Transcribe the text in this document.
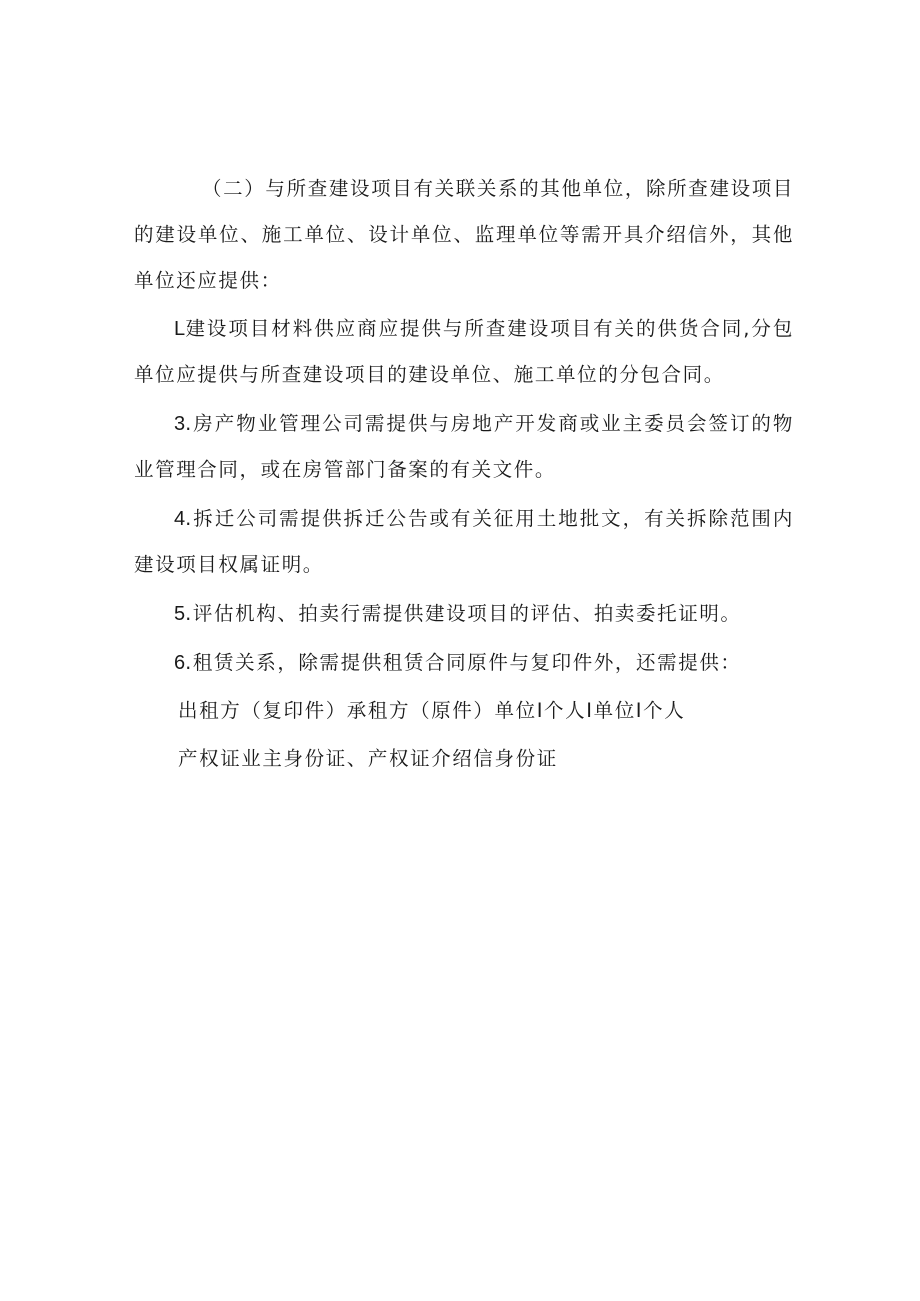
（二）与所查建设项目有关联关系的其他单位，除所查建设项目的建设单位、施工单位、设计单位、监理单位等需开具介绍信外，其他单位还应提供：

L建设项目材料供应商应提供与所查建设项目有关的供货合同,分包单位应提供与所查建设项目的建设单位、施工单位的分包合同。

3.房产物业管理公司需提供与房地产开发商或业主委员会签订的物业管理合同，或在房管部门备案的有关文件。

4.拆迁公司需提供拆迁公告或有关征用土地批文，有关拆除范围内建设项目权属证明。

5.评估机构、拍卖行需提供建设项目的评估、拍卖委托证明。

6.租赁关系，除需提供租赁合同原件与复印件外，还需提供：

出租方（复印件）承租方（原件）单位I个人I单位I个人

产权证业主身份证、产权证介绍信身份证
